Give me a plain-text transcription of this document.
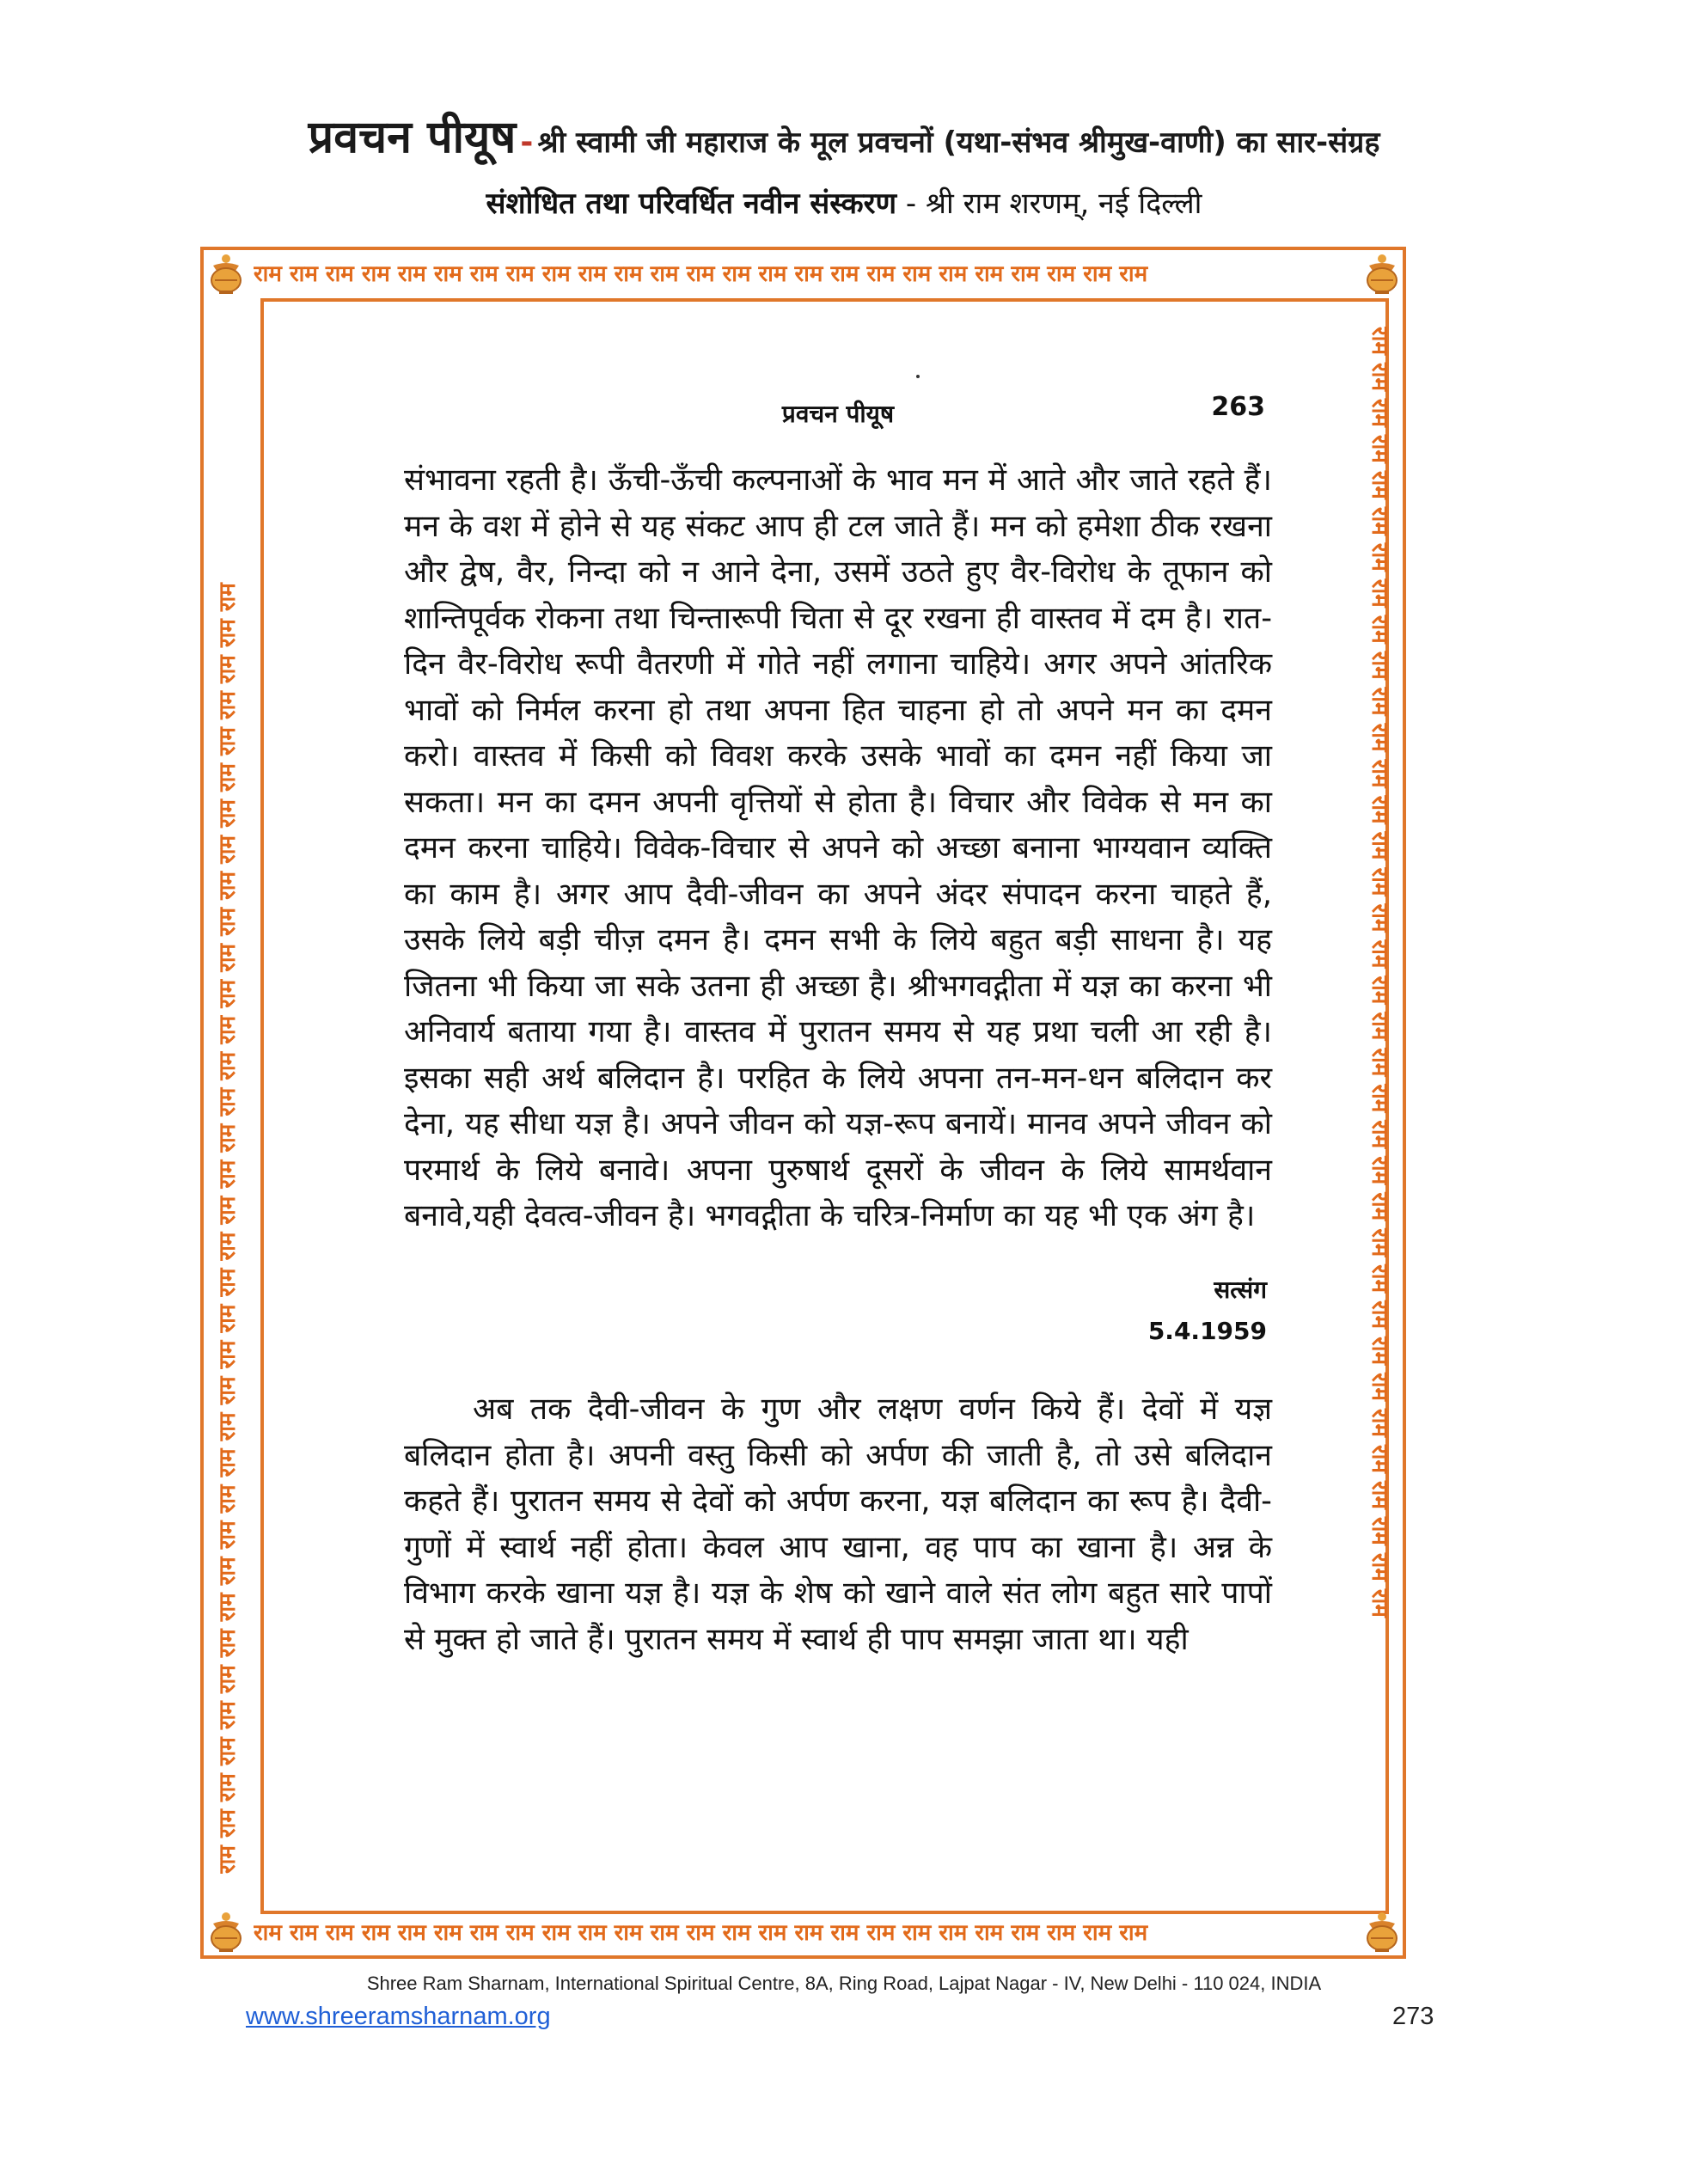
प्रवचन पीयूष - श्री स्वामी जी महाराज के मूल प्रवचनों (यथा-संभव श्रीमुख-वाणी) का सार-संग्रह
संशोधित तथा परिवर्धित नवीन संस्करण - श्री राम शरणम्, नई दिल्ली
राम राम राम राम राम राम राम राम राम राम राम राम राम राम राम राम राम राम राम राम राम राम राम राम राम
राम राम राम राम राम राम राम राम राम राम राम राम राम राम राम राम राम राम राम राम राम राम राम राम राम
राम राम राम राम राम राम राम राम राम राम राम राम राम राम राम राम राम राम राम राम राम राम राम राम राम राम राम राम राम राम राम राम राम राम राम राम	राम राम राम राम राम राम राम राम राम राम राम राम राम राम राम राम राम राम राम राम राम राम राम राम राम राम राम राम राम राम राम राम राम राम राम राम
प्रवचन पीयूष	263

संभावना रहती है। ऊँची-ऊँची कल्पनाओं के भाव मन में आते और जाते रहते हैं। मन के वश में होने से यह संकट आप ही टल जाते हैं। मन को हमेशा ठीक रखना और द्वेष, वैर, निन्दा को न आने देना, उसमें उठते हुए वैर-विरोध के तूफान को शान्तिपूर्वक रोकना तथा चिन्तारूपी चिता से दूर रखना ही वास्तव में दम है। रात-दिन वैर-विरोध रूपी वैतरणी में गोते नहीं लगाना चाहिये। अगर अपने आंतरिक भावों को निर्मल करना हो तथा अपना हित चाहना हो तो अपने मन का दमन करो। वास्तव में किसी को विवश करके उसके भावों का दमन नहीं किया जा सकता। मन का दमन अपनी वृत्तियों से होता है। विचार और विवेक से मन का दमन करना चाहिये। विवेक-विचार से अपने को अच्छा बनाना भाग्यवान व्यक्ति का काम है। अगर आप दैवी-जीवन का अपने अंदर संपादन करना चाहते हैं, उसके लिये बड़ी चीज़ दमन है। दमन सभी के लिये बहुत बड़ी साधना है। यह जितना भी किया जा सके उतना ही अच्छा है। श्रीभगवद्गीता में यज्ञ का करना भी अनिवार्य बताया गया है। वास्तव में पुरातन समय से यह प्रथा चली आ रही है। इसका सही अर्थ बलिदान है। परहित के लिये अपना तन-मन-धन बलिदान कर देना, यह सीधा यज्ञ है। अपने जीवन को यज्ञ-रूप बनायें। मानव अपने जीवन को परमार्थ के लिये बनावे। अपना पुरुषार्थ दूसरों के जीवन के लिये सामर्थवान बनावे,यही देवत्व-जीवन है। भगवद्गीता के चरित्र-निर्माण का यह भी एक अंग है।

सत्संग
5.4.1959

अब तक दैवी-जीवन के गुण और लक्षण वर्णन किये हैं। देवों में यज्ञ बलिदान होता है। अपनी वस्तु किसी को अर्पण की जाती है, तो उसे बलिदान कहते हैं। पुरातन समय से देवों को अर्पण करना, यज्ञ बलिदान का रूप है। दैवी-गुणों में स्वार्थ नहीं होता। केवल आप खाना, वह पाप का खाना है। अन्न के विभाग करके खाना यज्ञ है। यज्ञ के शेष को खाने वाले संत लोग बहुत सारे पापों से मुक्त हो जाते हैं। पुरातन समय में स्वार्थ ही पाप समझा जाता था। यही

Shree Ram Sharnam, International Spiritual Centre, 8A, Ring Road, Lajpat Nagar - IV, New Delhi - 110 024, INDIA
www.shreeramsharnam.org	273
